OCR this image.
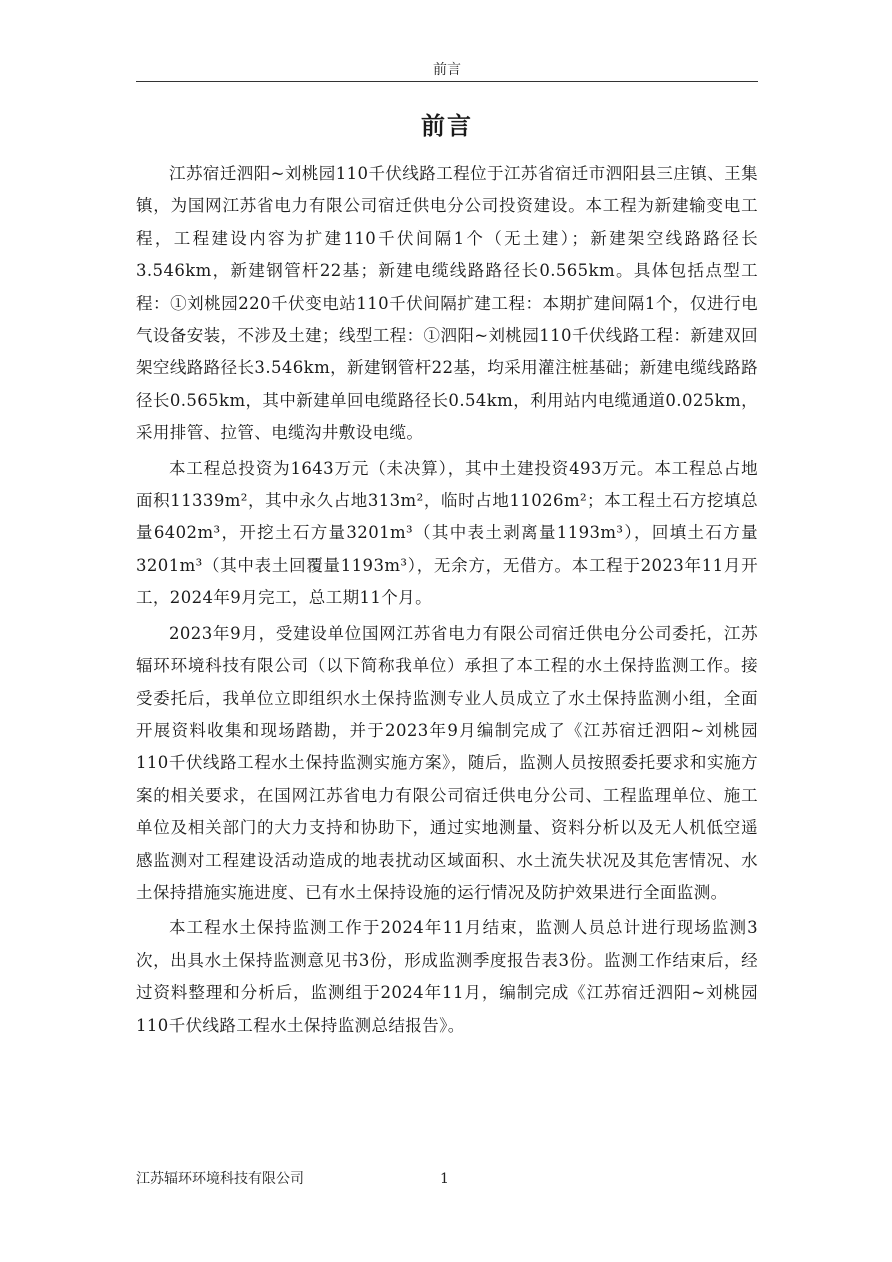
前言
前言

江苏宿迁泗阳~刘桃园110千伏线路工程位于江苏省宿迁市泗阳县三庄镇、王集镇，为国网江苏省电力有限公司宿迁供电分公司投资建设。本工程为新建输变电工程，工程建设内容为扩建110千伏间隔1个（无土建）；新建架空线路路径长3.546km，新建钢管杆22基；新建电缆线路路径长0.565km。具体包括点型工程：①刘桃园220千伏变电站110千伏间隔扩建工程：本期扩建间隔1个，仅进行电气设备安装，不涉及土建；线型工程：①泗阳~刘桃园110千伏线路工程：新建双回架空线路路径长3.546km，新建钢管杆22基，均采用灌注桩基础；新建电缆线路路径长0.565km，其中新建单回电缆路径长0.54km，利用站内电缆通道0.025km，采用排管、拉管、电缆沟井敷设电缆。

本工程总投资为1643万元（未决算），其中土建投资493万元。本工程总占地面积11339m²，其中永久占地313m²，临时占地11026m²；本工程土石方挖填总量6402m³，开挖土石方量3201m³（其中表土剥离量1193m³），回填土石方量3201m³（其中表土回覆量1193m³），无余方，无借方。本工程于2023年11月开工，2024年9月完工，总工期11个月。

2023年9月，受建设单位国网江苏省电力有限公司宿迁供电分公司委托，江苏辐环环境科技有限公司（以下简称我单位）承担了本工程的水土保持监测工作。接受委托后，我单位立即组织水土保持监测专业人员成立了水土保持监测小组，全面开展资料收集和现场踏勘，并于2023年9月编制完成了《江苏宿迁泗阳~刘桃园110千伏线路工程水土保持监测实施方案》，随后，监测人员按照委托要求和实施方案的相关要求，在国网江苏省电力有限公司宿迁供电分公司、工程监理单位、施工单位及相关部门的大力支持和协助下，通过实地测量、资料分析以及无人机低空遥感监测对工程建设活动造成的地表扰动区域面积、水土流失状况及其危害情况、水土保持措施实施进度、已有水土保持设施的运行情况及防护效果进行全面监测。

本工程水土保持监测工作于2024年11月结束，监测人员总计进行现场监测3次，出具水土保持监测意见书3份，形成监测季度报告表3份。监测工作结束后，经过资料整理和分析后，监测组于2024年11月，编制完成《江苏宿迁泗阳~刘桃园110千伏线路工程水土保持监测总结报告》。

江苏辐环环境科技有限公司	1
